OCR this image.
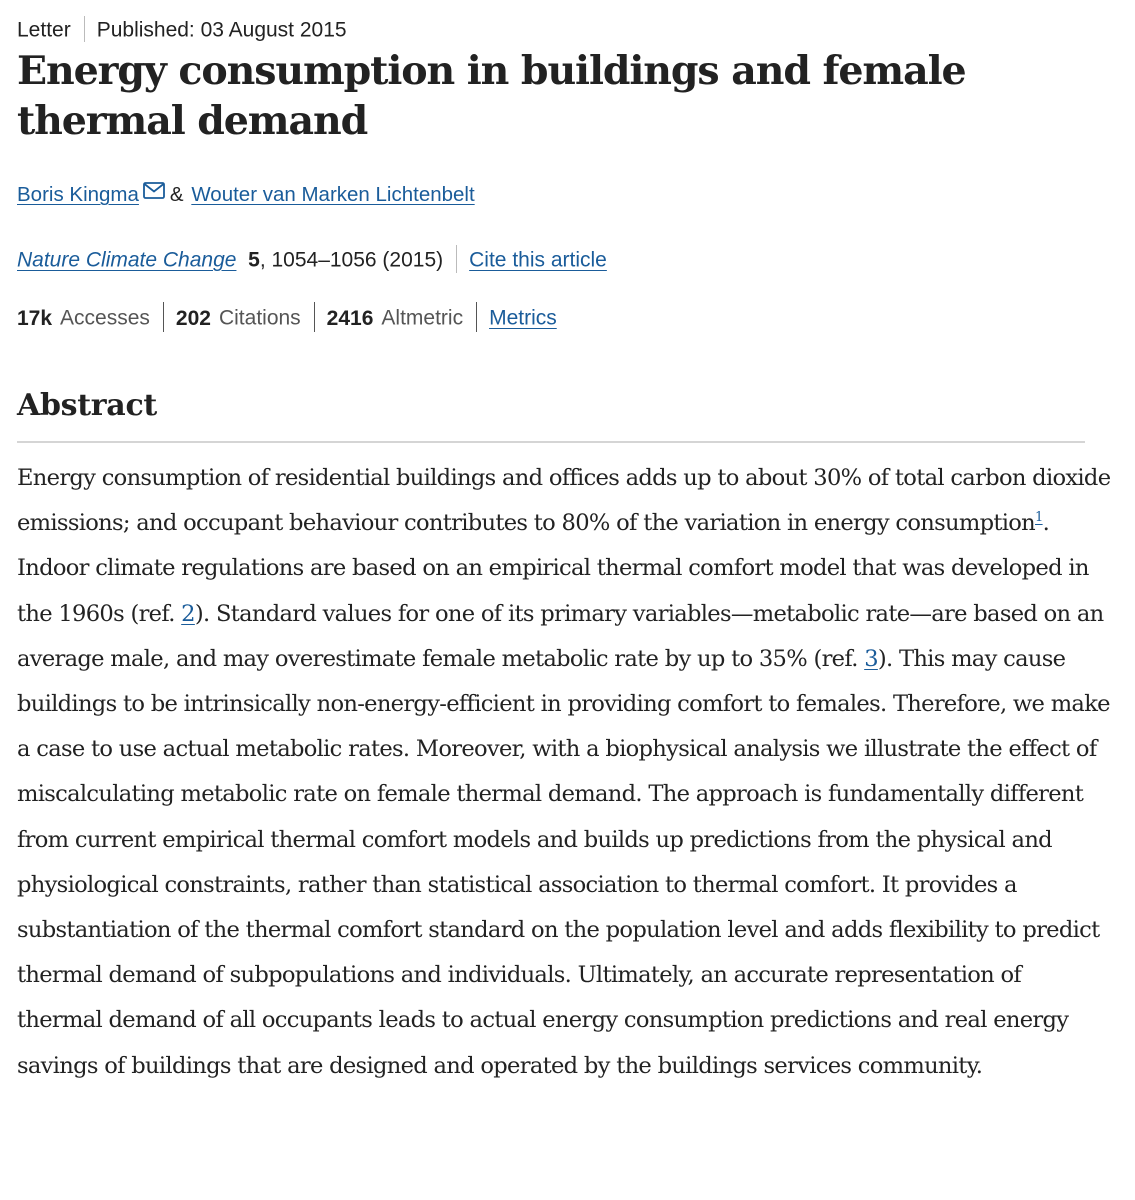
Letter Published: 03 August 2015
Energy consumption in buildings and female thermal demand
Boris Kingma & Wouter van Marken Lichtenbelt
Nature Climate Change 5, 1054–1056 (2015) Cite this article
17k Accesses 202 Citations 2416 Altmetric Metrics
Abstract

Energy consumption of residential buildings and offices adds up to about 30% of total carbon dioxide emissions; and occupant behaviour contributes to 80% of the variation in energy consumption$^1$. Indoor climate regulations are based on an empirical thermal comfort model that was developed in the 1960s (ref. 2). Standard values for one of its primary variables—metabolic rate—are based on an average male, and may overestimate female metabolic rate by up to 35% (ref. 3). This may cause buildings to be intrinsically non-energy-efficient in providing comfort to females. Therefore, we make a case to use actual metabolic rates. Moreover, with a biophysical analysis we illustrate the effect of miscalculating metabolic rate on female thermal demand. The approach is fundamentally different from current empirical thermal comfort models and builds up predictions from the physical and physiological constraints, rather than statistical association to thermal comfort. It provides a substantiation of the thermal comfort standard on the population level and adds flexibility to predict thermal demand of subpopulations and individuals. Ultimately, an accurate representation of thermal demand of all occupants leads to actual energy consumption predictions and real energy savings of buildings that are designed and operated by the buildings services community.
